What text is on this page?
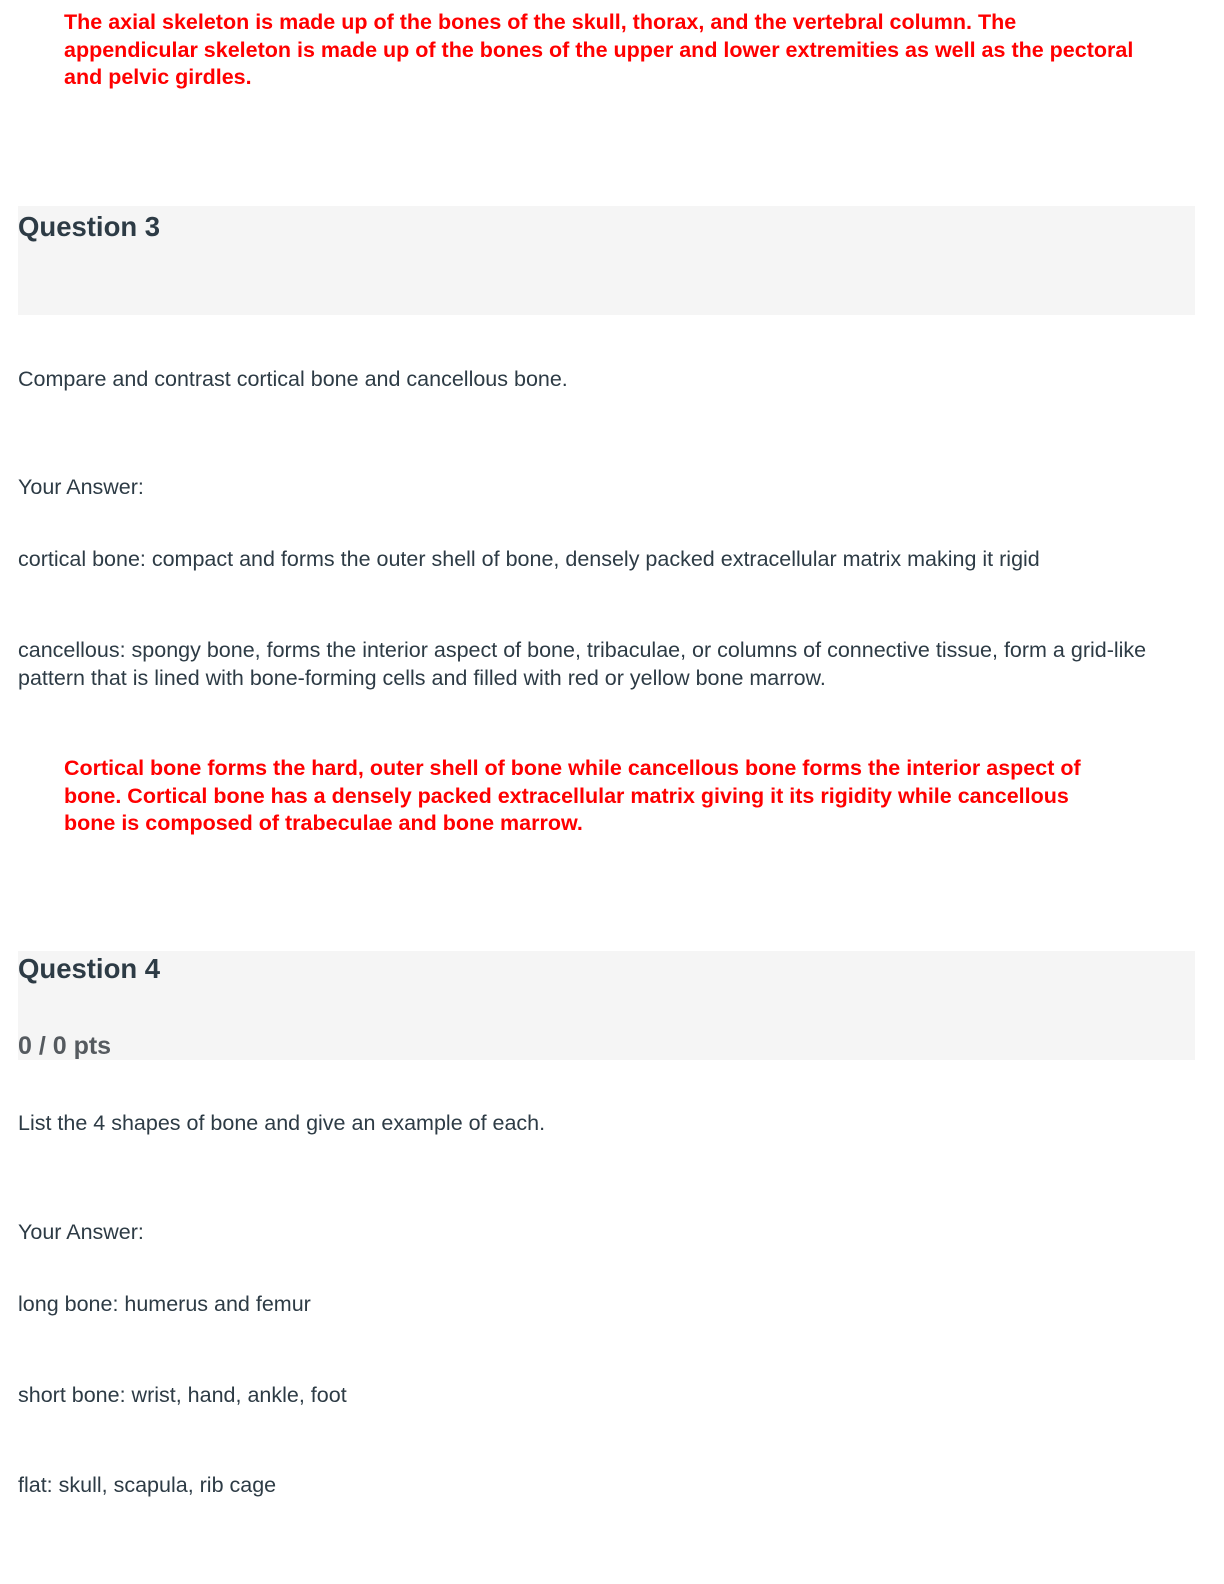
The axial skeleton is made up of the bones of the skull, thorax, and the vertebral column. The appendicular skeleton is made up of the bones of the upper and lower extremities as well as the pectoral and pelvic girdles.
Question 3
Compare and contrast cortical bone and cancellous bone.
Your Answer:
cortical bone: compact and forms the outer shell of bone, densely packed extracellular matrix making it rigid
cancellous: spongy bone, forms the interior aspect of bone, tribaculae, or columns of connective tissue, form a grid-like pattern that is lined with bone-forming cells and filled with red or yellow bone marrow.
Cortical bone forms the hard, outer shell of bone while cancellous bone forms the interior aspect of bone. Cortical bone has a densely packed extracellular matrix giving it its rigidity while cancellous bone is composed of trabeculae and bone marrow.
Question 4
0 / 0 pts
List the 4 shapes of bone and give an example of each.
Your Answer:
long bone: humerus and femur
short bone: wrist, hand, ankle, foot
flat: skull, scapula, rib cage
